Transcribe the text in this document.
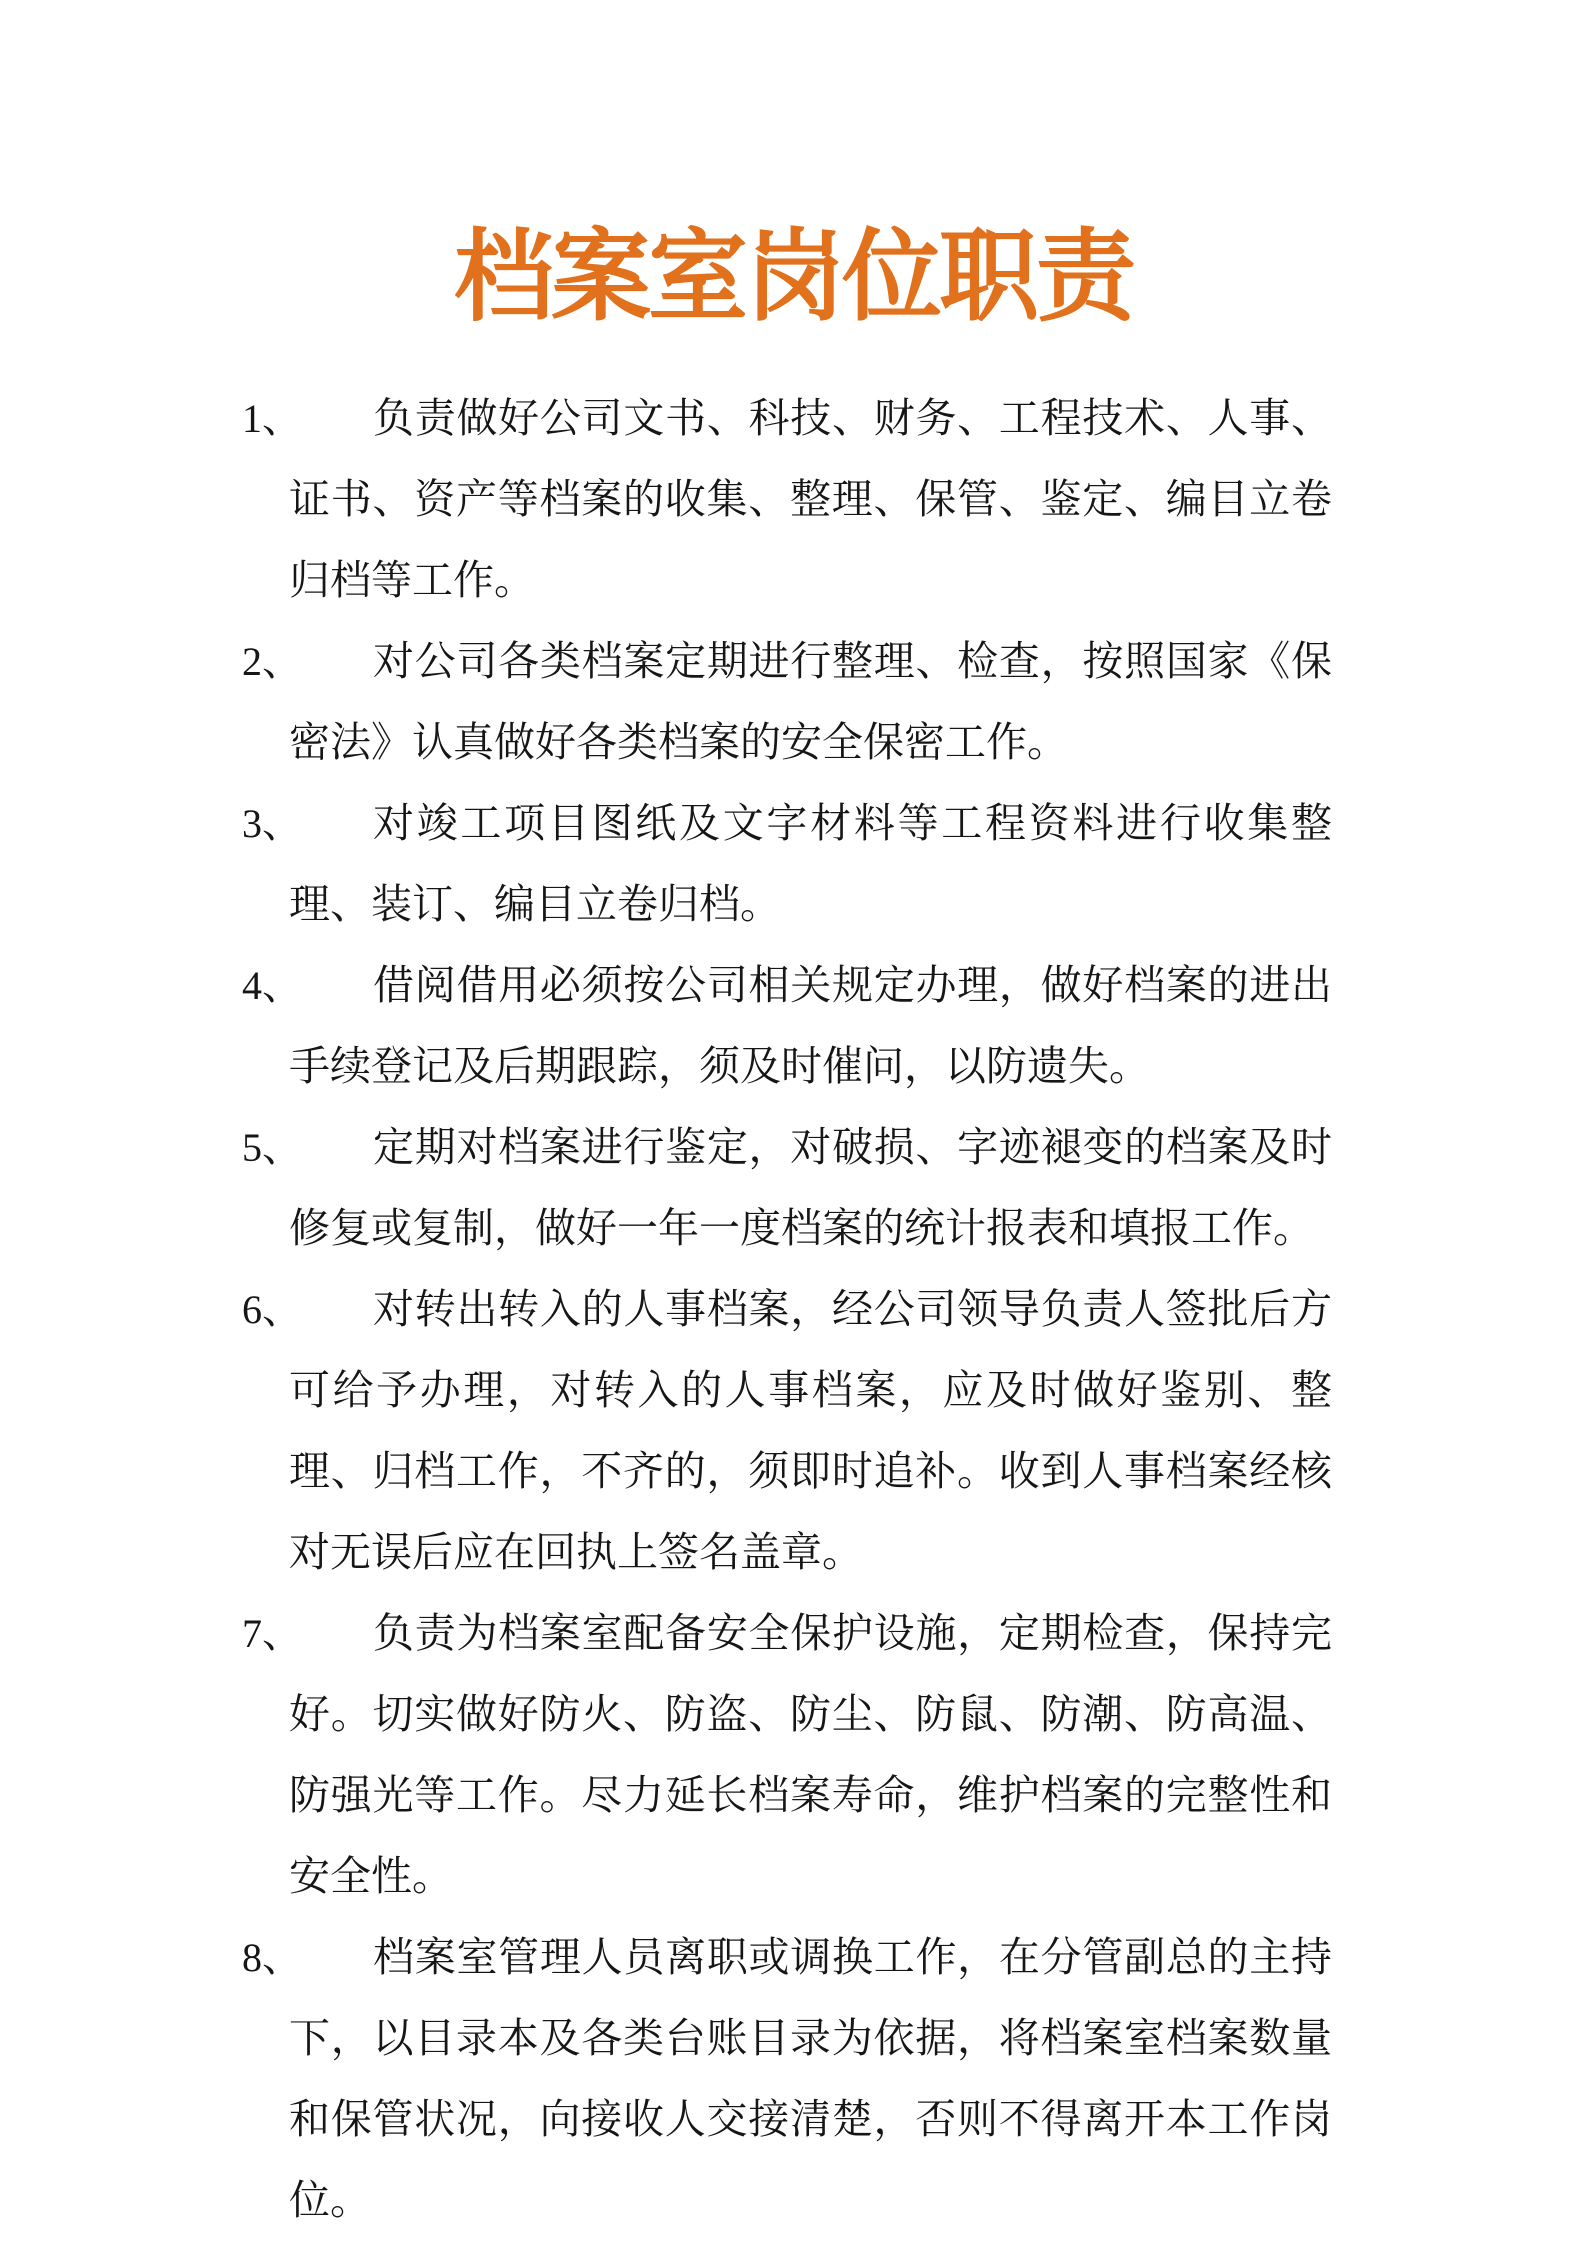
档案室岗位职责
1、	负责做好公司文书、科技、财务、工程技术、人事、证书、资产等档案的收集、整理、保管、鉴定、编目立卷归档等工作。

2、	对公司各类档案定期进行整理、检查，按照国家《保密法》认真做好各类档案的安全保密工作。

3、	对竣工项目图纸及文字材料等工程资料进行收集整理、装订、编目立卷归档。

4、	借阅借用必须按公司相关规定办理，做好档案的进出手续登记及后期跟踪，须及时催问，以防遗失。

5、	定期对档案进行鉴定，对破损、字迹褪变的档案及时修复或复制，做好一年一度档案的统计报表和填报工作。

6、	对转出转入的人事档案，经公司领导负责人签批后方可给予办理，对转入的人事档案，应及时做好鉴别、整理、归档工作，不齐的，须即时追补。收到人事档案经核对无误后应在回执上签名盖章。

7、	负责为档案室配备安全保护设施，定期检查，保持完好。切实做好防火、防盗、防尘、防鼠、防潮、防高温、防强光等工作。尽力延长档案寿命，维护档案的完整性和安全性。

8、	档案室管理人员离职或调换工作，在分管副总的主持下，以目录本及各类台账目录为依据，将档案室档案数量和保管状况，向接收人交接清楚，否则不得离开本工作岗位。
